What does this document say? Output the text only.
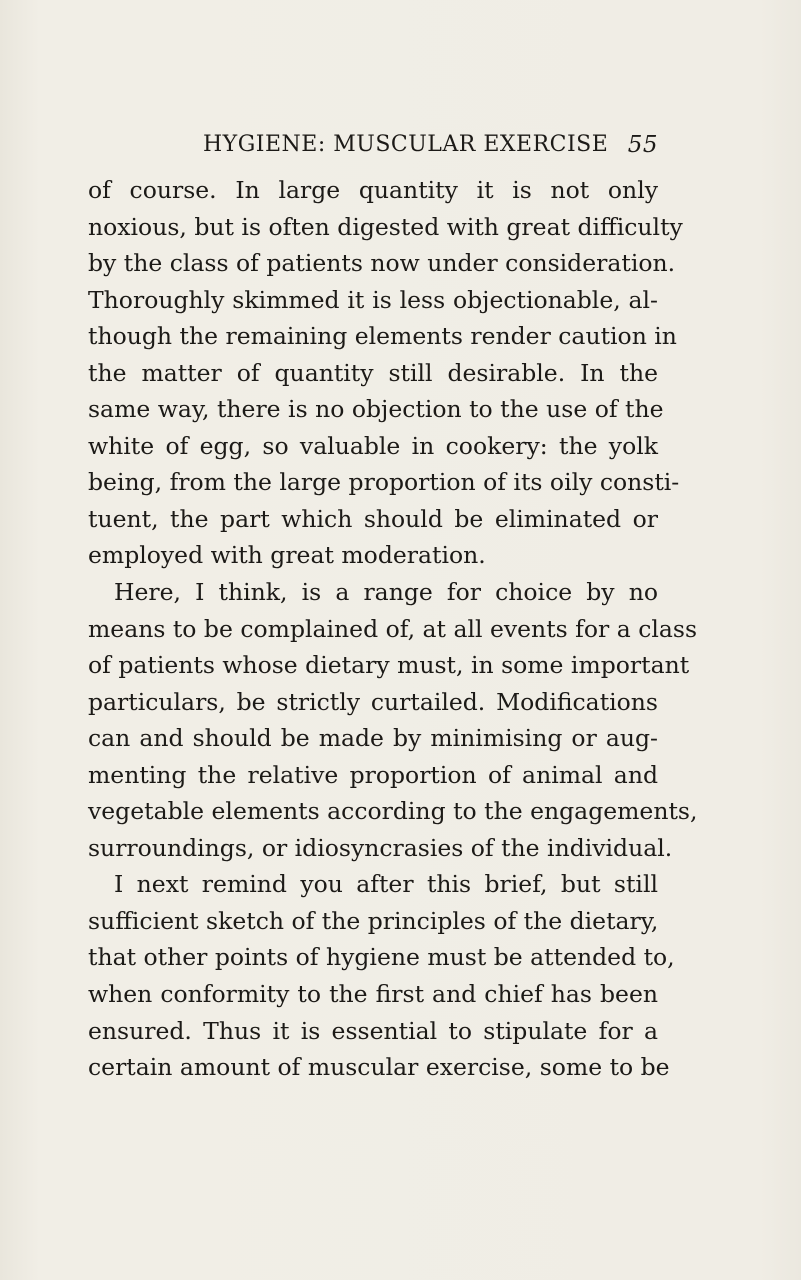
HYGIENE: MUSCULAR EXERCISE 55
of course. In large quantity it is not only
noxious, but is often digested with great difficulty
by the class of patients now under consideration.
Thoroughly skimmed it is less objectionable, al-
though the remaining elements render caution in
the matter of quantity still desirable. In the
same way, there is no objection to the use of the
white of egg, so valuable in cookery: the yolk
being, from the large proportion of its oily consti-
tuent, the part which should be eliminated or
employed with great moderation.
Here, I think, is a range for choice by no
means to be complained of, at all events for a class
of patients whose dietary must, in some important
particulars, be strictly curtailed. Modifications
can and should be made by minimising or aug-
menting the relative proportion of animal and
vegetable elements according to the engagements,
surroundings, or idiosyncrasies of the individual.
I next remind you after this brief, but still
sufficient sketch of the principles of the dietary,
that other points of hygiene must be attended to,
when conformity to the first and chief has been
ensured. Thus it is essential to stipulate for a
certain amount of muscular exercise, some to be
